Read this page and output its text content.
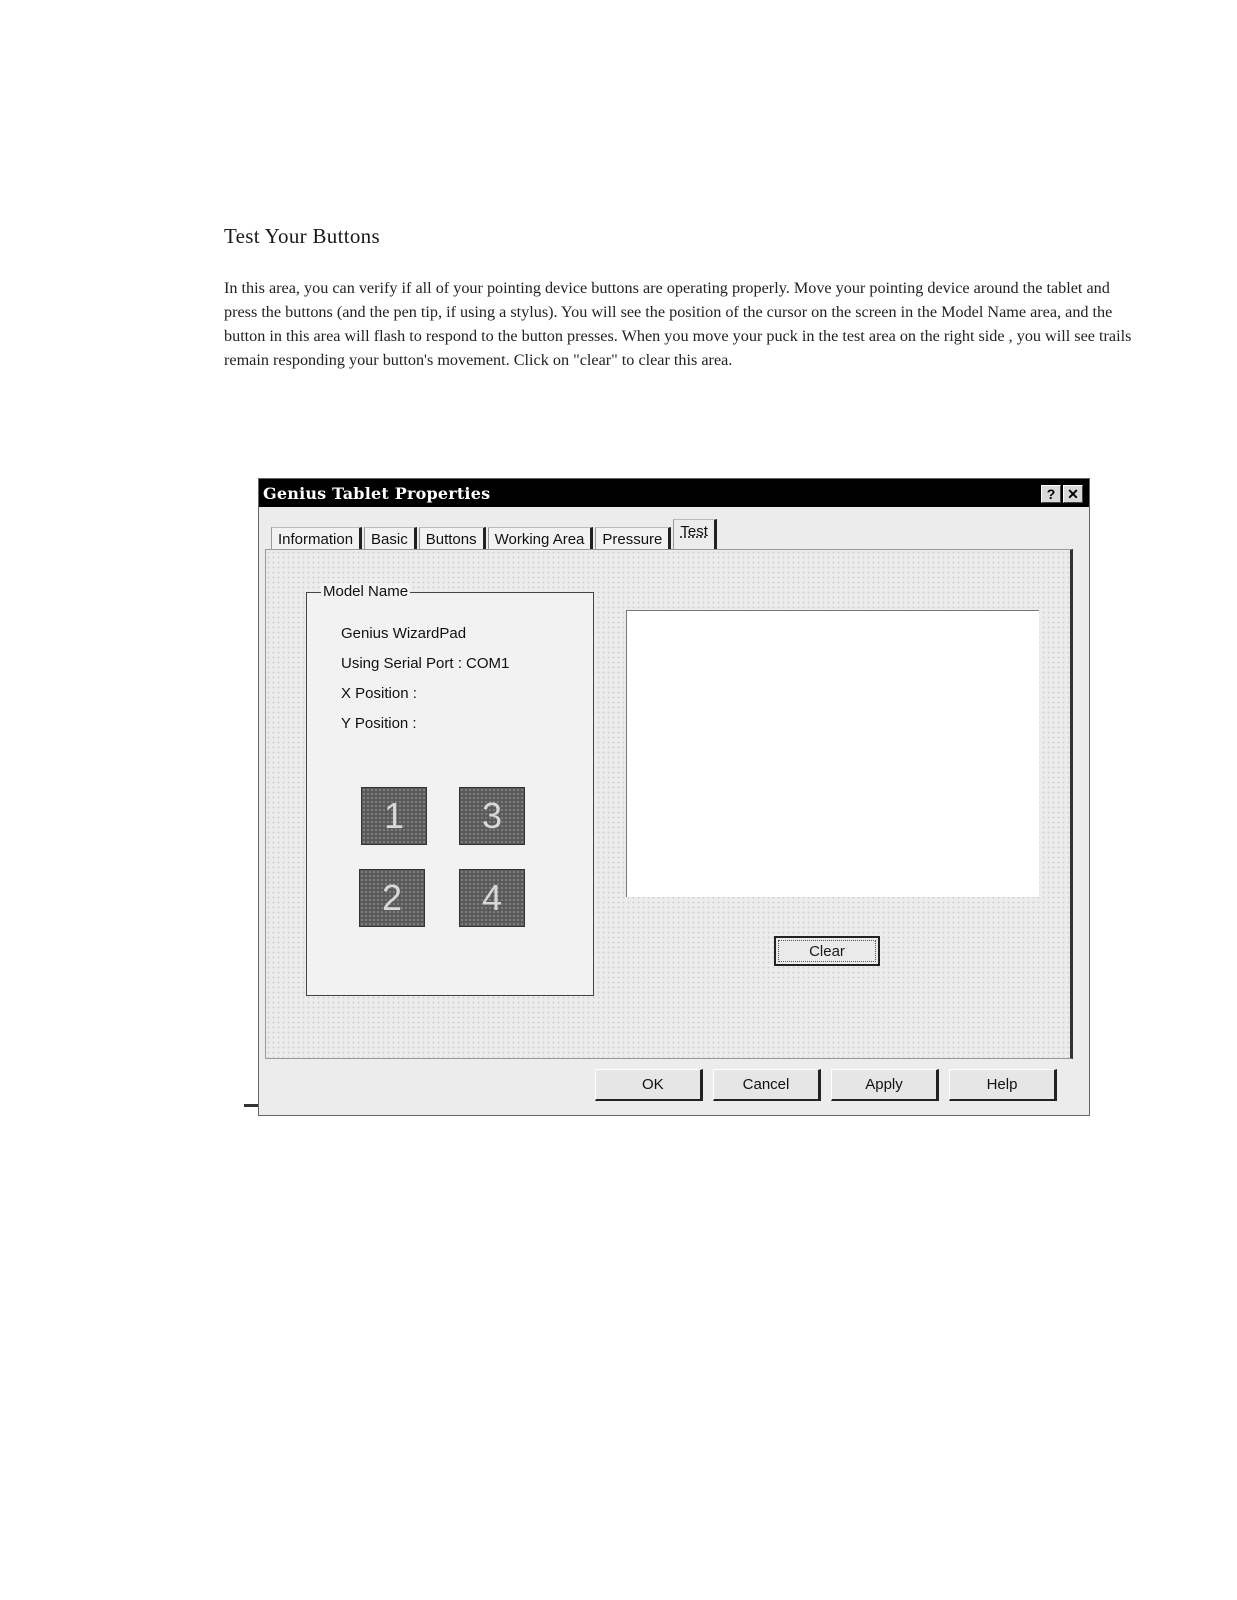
Test Your Buttons

In this area, you can verify if all of your pointing device buttons are operating properly. Move your pointing device around the tablet and press the buttons (and the pen tip, if using a stylus). You will see the position of the cursor on the screen in the Model Name area, and the button in this area will flash to respond to the button presses. When you move your puck in the test area on the right side , you will see trails remain responding your button's movement. Click on "clear" to clear this area.

Genius Tablet Properties	? ✕
Information	Basic	Buttons	Working Area	Pressure	Test
Model Name
Genius WizardPad
Using Serial Port : COM1
X Position :
Y Position :
1	3
2	4
Clear
OK	Cancel	Apply	Help
